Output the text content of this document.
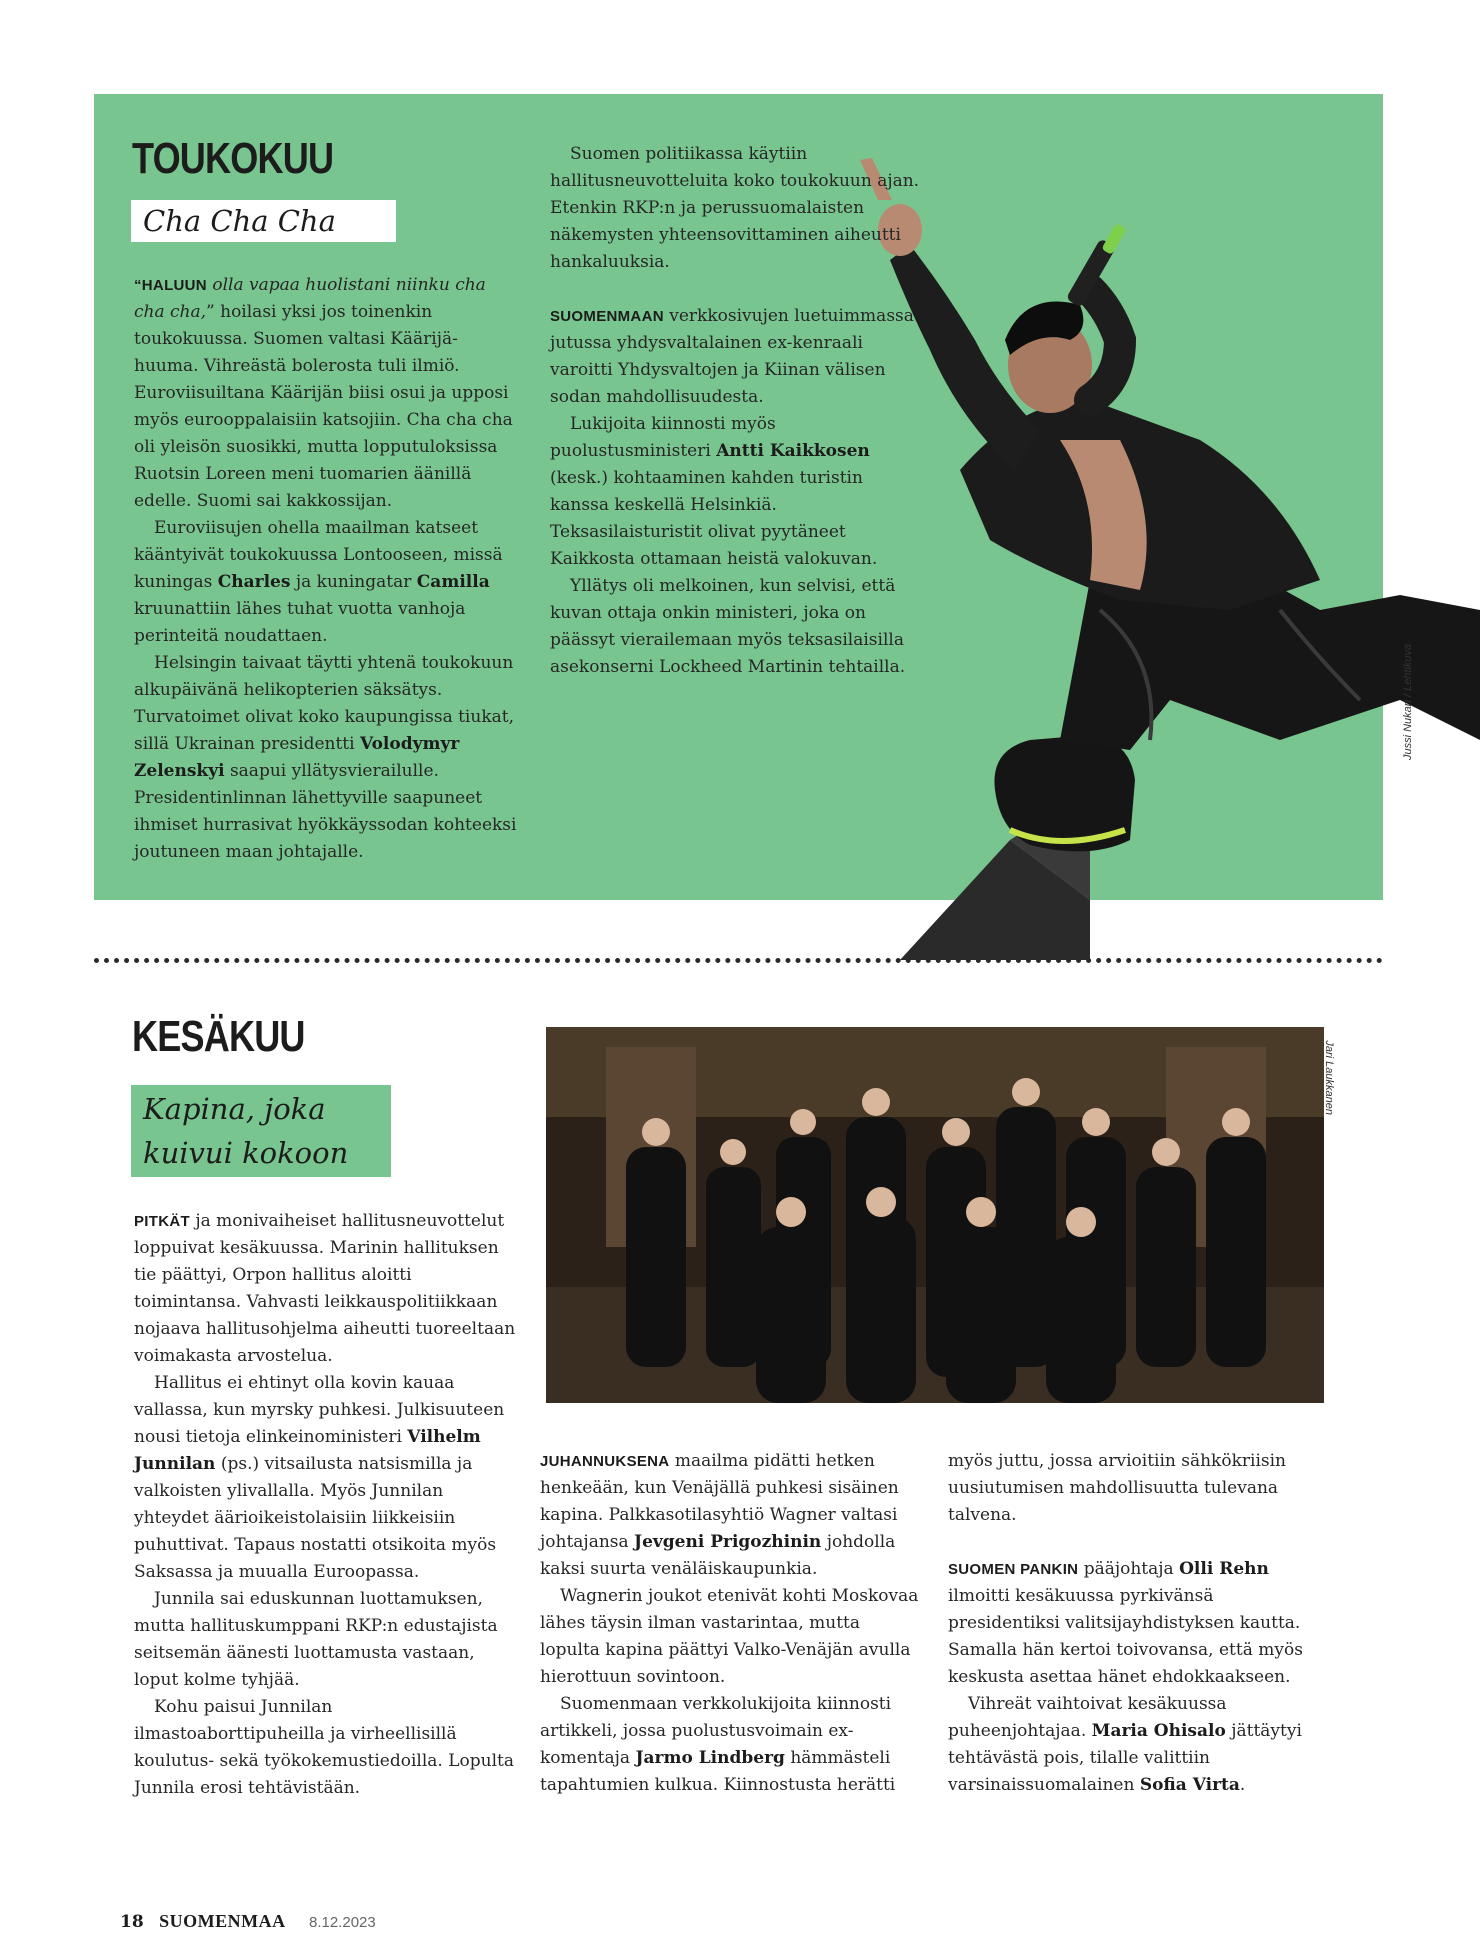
TOUKOKUU
Cha Cha Cha

“HALUUN olla vapaa huolistani niinku cha cha cha,” hoilasi yksi jos toinenkin toukokuussa. Suomen valtasi Käärijä-huuma. Vihreästä bolerosta tuli ilmiö. Euroviisuiltana Käärijän biisi osui ja upposi myös eurooppalaisiin katsojiin. Cha cha cha oli yleisön suosikki, mutta lopputuloksissa Ruotsin Loreen meni tuomarien äänillä edelle. Suomi sai kakkossijan.

Euroviisujen ohella maailman katseet kääntyivät toukokuussa Lontooseen, missä kuningas Charles ja kuningatar Camilla kruunattiin lähes tuhat vuotta vanhoja perinteitä noudattaen.

Helsingin taivaat täytti yhtenä toukokuun alkupäivänä helikopterien säksätys. Turvatoimet olivat koko kaupungissa tiukat, sillä Ukrainan presidentti Volodymyr Zelenskyi saapui yllätysvierailulle. Presidentinlinnan lähettyville saapuneet ihmiset hurrasivat hyökkäyssodan kohteeksi joutuneen maan johtajalle.

Suomen politiikassa käytiin hallitusneuvotteluita koko toukokuun ajan. Etenkin RKP:n ja perussuomalaisten näkemysten yhteensovittaminen aiheutti hankaluuksia.

SUOMENMAAN verkkosivujen luetuimmassa jutussa yhdysvaltalainen ex-kenraali varoitti Yhdysvaltojen ja Kiinan välisen sodan mahdollisuudesta.

Lukijoita kiinnosti myös puolustusministeri Antti Kaikkosen (kesk.) kohtaaminen kahden turistin kanssa keskellä Helsinkiä. Teksasilaisturistit olivat pyytäneet Kaikkosta ottamaan heistä valokuvan.

Yllätys oli melkoinen, kun selvisi, että kuvan ottaja onkin ministeri, joka on päässyt vierailemaan myös teksasilaisilla asekonserni Lockheed Martinin tehtailla.	Jussi Nukari / Lehtikuva
KESÄKUU
Kapina, joka
kuivui kokoon
Jari Laukkanen

PITKÄT ja monivaiheiset hallitusneuvottelut loppuivat kesäkuussa. Marinin hallituksen tie päättyi, Orpon hallitus aloitti toimintansa. Vahvasti leikkauspolitiikkaan nojaava hallitusohjelma aiheutti tuoreeltaan voimakasta arvostelua.

Hallitus ei ehtinyt olla kovin kauaa vallassa, kun myrsky puhkesi. Julkisuuteen nousi tietoja elinkeinoministeri Vilhelm Junnilan (ps.) vitsailusta natsismilla ja valkoisten ylivallalla. Myös Junnilan yhteydet äärioikeistolaisiin liikkeisiin puhuttivat. Tapaus nostatti otsikoita myös Saksassa ja muualla Euroopassa.

Junnila sai eduskunnan luottamuksen, mutta hallituskumppani RKP:n edustajista seitsemän äänesti luottamusta vastaan, loput kolme tyhjää.

Kohu paisui Junnilan ilmastoaborttipuheilla ja virheellisillä koulutus- sekä työkokemustiedoilla. Lopulta Junnila erosi tehtävistään.

JUHANNUKSENA maailma pidätti hetken henkeään, kun Venäjällä puhkesi sisäinen kapina. Palkkasotilasyhtiö Wagner valtasi johtajansa Jevgeni Prigozhinin johdolla kaksi suurta venäläiskaupunkia.

Wagnerin joukot etenivät kohti Moskovaa lähes täysin ilman vastarintaa, mutta lopulta kapina päättyi Valko-Venäjän avulla hierottuun sovintoon.

Suomenmaan verkkolukijoita kiinnosti artikkeli, jossa puolustusvoimain ex-komentaja Jarmo Lindberg hämmästeli tapahtumien kulkua. Kiinnostusta herätti

myös juttu, jossa arvioitiin sähkökriisin uusiutumisen mahdollisuutta tulevana talvena.

SUOMEN PANKIN pääjohtaja Olli Rehn ilmoitti kesäkuussa pyrkivänsä presidentiksi valitsijayhdistyksen kautta. Samalla hän kertoi toivovansa, että myös keskusta asettaa hänet ehdokkaakseen.

Vihreät vaihtoivat kesäkuussa puheenjohtajaa. Maria Ohisalo jättäytyi tehtävästä pois, tilalle valittiin varsinaissuomalainen Sofia Virta.

18 SUOMENMAA 8.12.2023
